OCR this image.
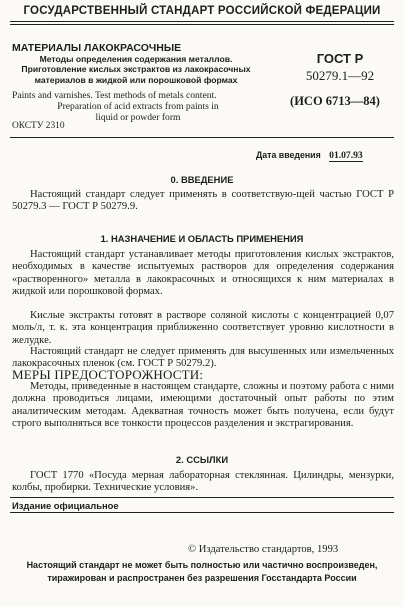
ГОСУДАРСТВЕННЫЙ СТАНДАРТ РОССИЙСКОЙ ФЕДЕРАЦИИ
МАТЕРИАЛЫ ЛАКОКРАСОЧНЫЕ
Методы определения содержания металлов.
Приготовление кислых экстрактов из лакокрасочных
материалов в жидкой или порошковой формах
Paints and varnishes. Test methods of metals content.
Preparation of acid extracts from paints in
liquid or powder form
ОКСТУ 2310
ГОСТ Р
50279.1—92
(ИСО 6713—84)
Дата введения 01.07.93
0. ВВЕДЕНИЕ
Настоящий стандарт следует применять в соответствую-щей частью ГОСТ Р 50279.3 — ГОСТ Р 50279.9.
1. НАЗНАЧЕНИЕ И ОБЛАСТЬ ПРИМЕНЕНИЯ
Настоящий стандарт устанавливает методы приготовления кислых экстрактов, необходимых в качестве испытуемых растворов для определения содержания «растворенного» металла в лакокрасочных и относящихся к ним материалах в жидкой или порошковой формах.
Кислые экстракты готовят в растворе соляной кислоты с концентрацией 0,07 моль/л, т. к. эта концентрация приближенно соответствует уровню кислотности в желудке.
Настоящий стандарт не следует применять для высушенных или измельченных лакокрасочных пленок (см. ГОСТ Р 50279.2).
МЕРЫ ПРЕДОСТОРОЖНОСТИ:
Методы, приведенные в настоящем стандарте, сложны и поэтому работа с ними должна проводиться лицами, имеющими достаточный опыт работы по этим аналитическим методам. Адекватная точность может быть получена, если будут строго выполняться все тонкости процессов разделения и экстрагирования.
2. ССЫЛКИ
ГОСТ 1770 «Посуда мерная лабораторная стеклянная. Цилиндры, мензурки, колбы, пробирки. Технические условия».
Издание официальное
© Издательство стандартов, 1993
Настоящий стандарт не может быть полностью или частично воспроизведен,
тиражирован и распространен без разрешения Госстандарта России
